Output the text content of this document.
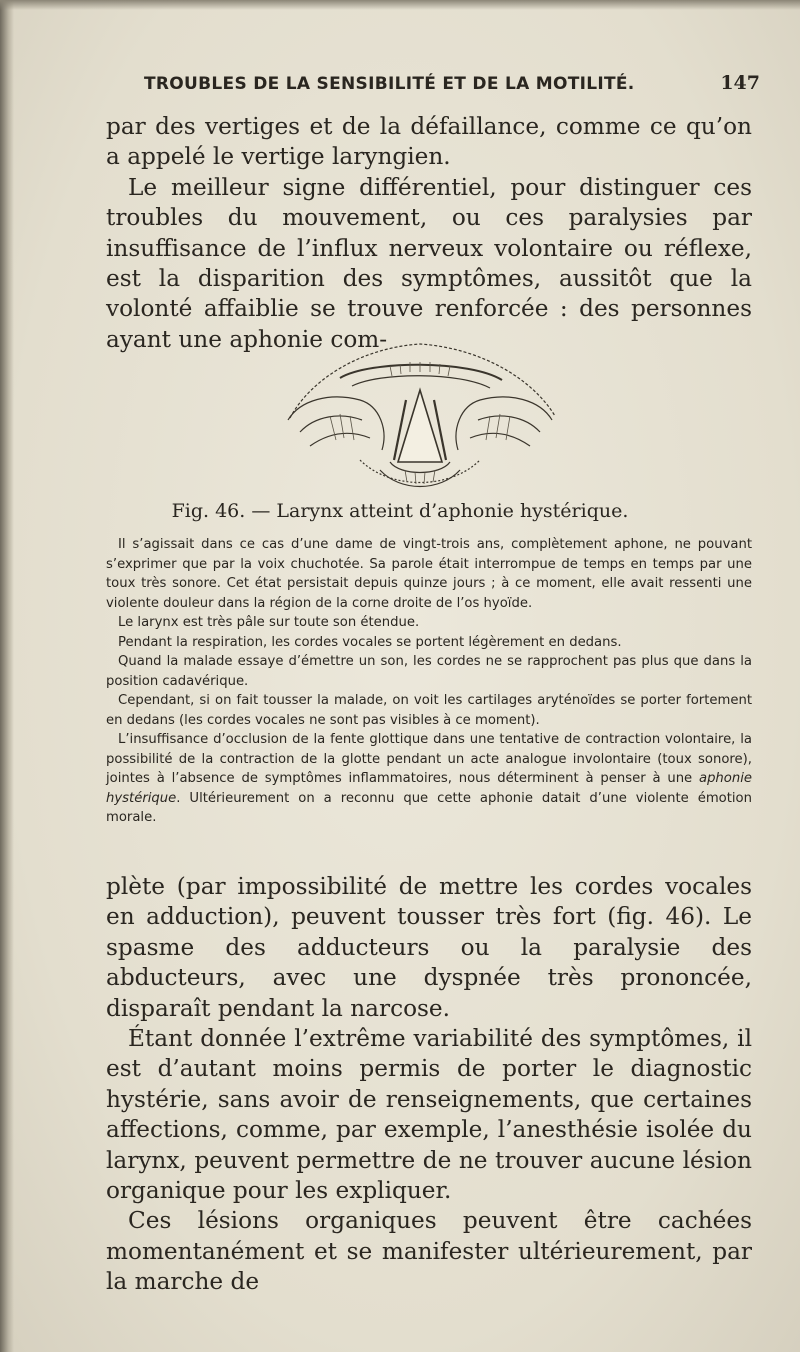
TROUBLES DE LA SENSIBILITÉ ET DE LA MOTILITÉ.	147

par des vertiges et de la défaillance, comme ce qu’on a appelé le vertige laryngien.

Le meilleur signe différentiel, pour distinguer ces troubles du mouvement, ou ces paralysies par insuffisance de l’influx nerveux volontaire ou réflexe, est la disparition des symptômes, aussitôt que la volonté affaiblie se trouve renforcée : des personnes ayant une aphonie com-

Fig. 46. — Larynx atteint d’aphonie hystérique.

Il s’agissait dans ce cas d’une dame de vingt-trois ans, complètement aphone, ne pouvant s’exprimer que par la voix chuchotée. Sa parole était interrompue de temps en temps par une toux très sonore. Cet état persistait depuis quinze jours ; à ce moment, elle avait ressenti une violente douleur dans la région de la corne droite de l’os hyoïde.

Le larynx est très pâle sur toute son étendue.

Pendant la respiration, les cordes vocales se portent légèrement en dedans.

Quand la malade essaye d’émettre un son, les cordes ne se rapprochent pas plus que dans la position cadavérique.

Cependant, si on fait tousser la malade, on voit les cartilages aryténoïdes se porter fortement en dedans (les cordes vocales ne sont pas visibles à ce moment).

L’insuffisance d’occlusion de la fente glottique dans une tentative de contraction volontaire, la possibilité de la contraction de la glotte pendant un acte analogue involontaire (toux sonore), jointes à l’absence de symptômes inflammatoires, nous déterminent à penser à une aphonie hystérique. Ultérieurement on a reconnu que cette aphonie datait d’une violente émotion morale.

plète (par impossibilité de mettre les cordes vocales en adduction), peuvent tousser très fort (fig. 46). Le spasme des adducteurs ou la paralysie des abducteurs, avec une dyspnée très prononcée, disparaît pendant la narcose.

Étant donnée l’extrême variabilité des symptômes, il est d’autant moins permis de porter le diagnostic hystérie, sans avoir de renseignements, que certaines affections, comme, par exemple, l’anesthésie isolée du larynx, peuvent permettre de ne trouver aucune lésion organique pour les expliquer.

Ces lésions organiques peuvent être cachées momentanément et se manifester ultérieurement, par la marche de
